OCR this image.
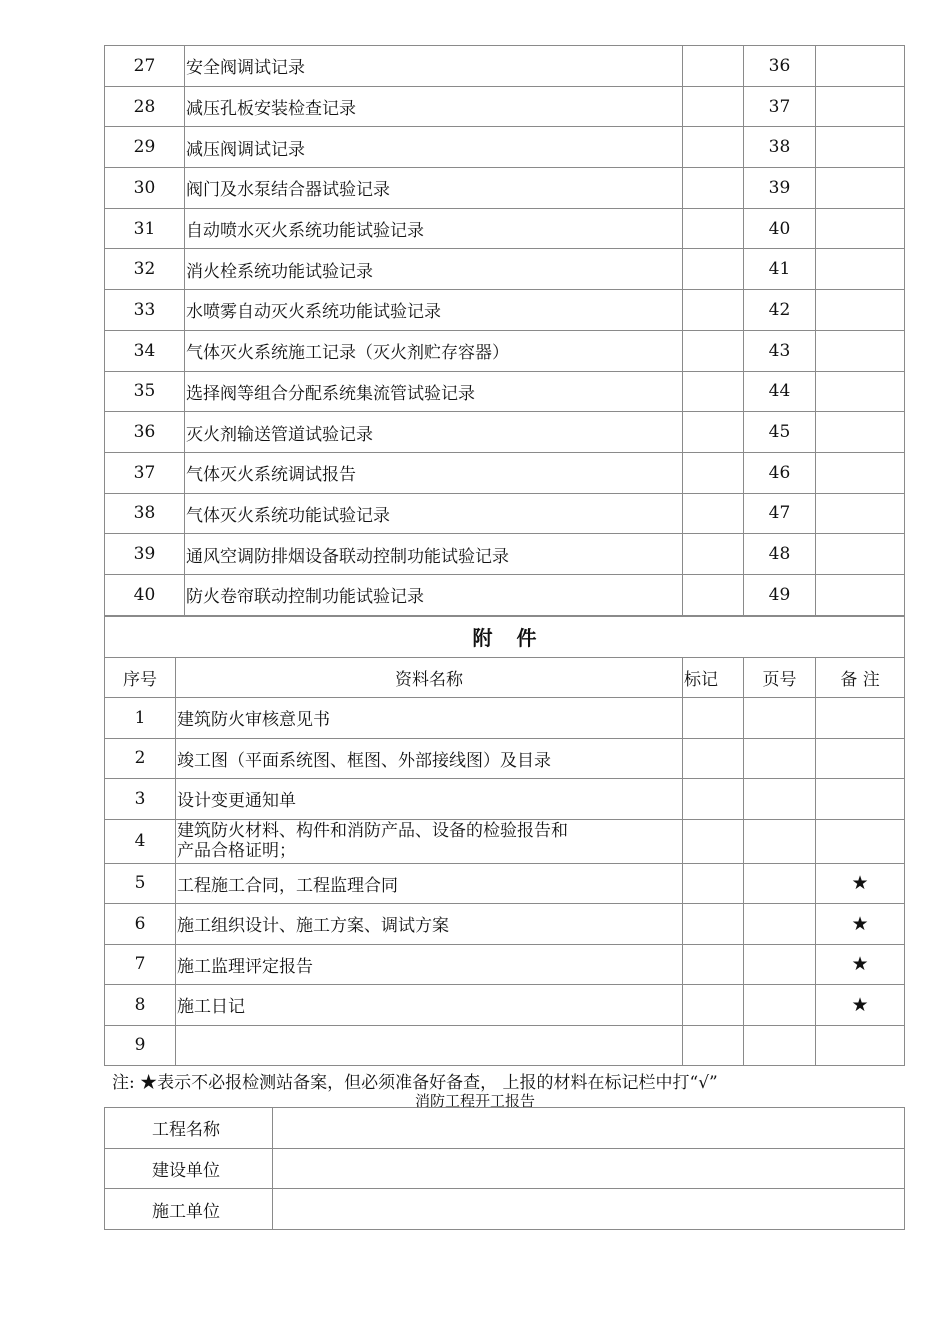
27	安全阀调试记录		36	
28	减压孔板安装检查记录		37	
29	减压阀调试记录		38	
30	阀门及水泵结合器试验记录		39	
31	自动喷水灭火系统功能试验记录		40	
32	消火栓系统功能试验记录		41	
33	水喷雾自动灭火系统功能试验记录		42	
34	气体灭火系统施工记录（灭火剂贮存容器）		43	
35	选择阀等组合分配系统集流管试验记录		44	
36	灭火剂输送管道试验记录		45	
37	气体灭火系统调试报告		46	
38	气体灭火系统功能试验记录		47	
39	通风空调防排烟设备联动控制功能试验记录		48	
40	防火卷帘联动控制功能试验记录		49	
附件				
序号	资料名称	标记	页号	备 注
1	建筑防火审核意见书			
2	竣工图（平面系统图、框图、外部接线图）及目录			
3	设计变更通知单			
4	建筑防火材料、构件和消防产品、设备的检验报告和
产品合格证明；			

5	工程施工合同，工程监理合同			★
6	施工组织设计、施工方案、调试方案			★
7	施工监理评定报告			★
8	施工日记			★
9				
注: ★表示不必报检测站备案，但必须准备好备查， 上报的材料在标记栏中打“√”
消防工程开工报告
工程名称	
建设单位	
施工单位	
